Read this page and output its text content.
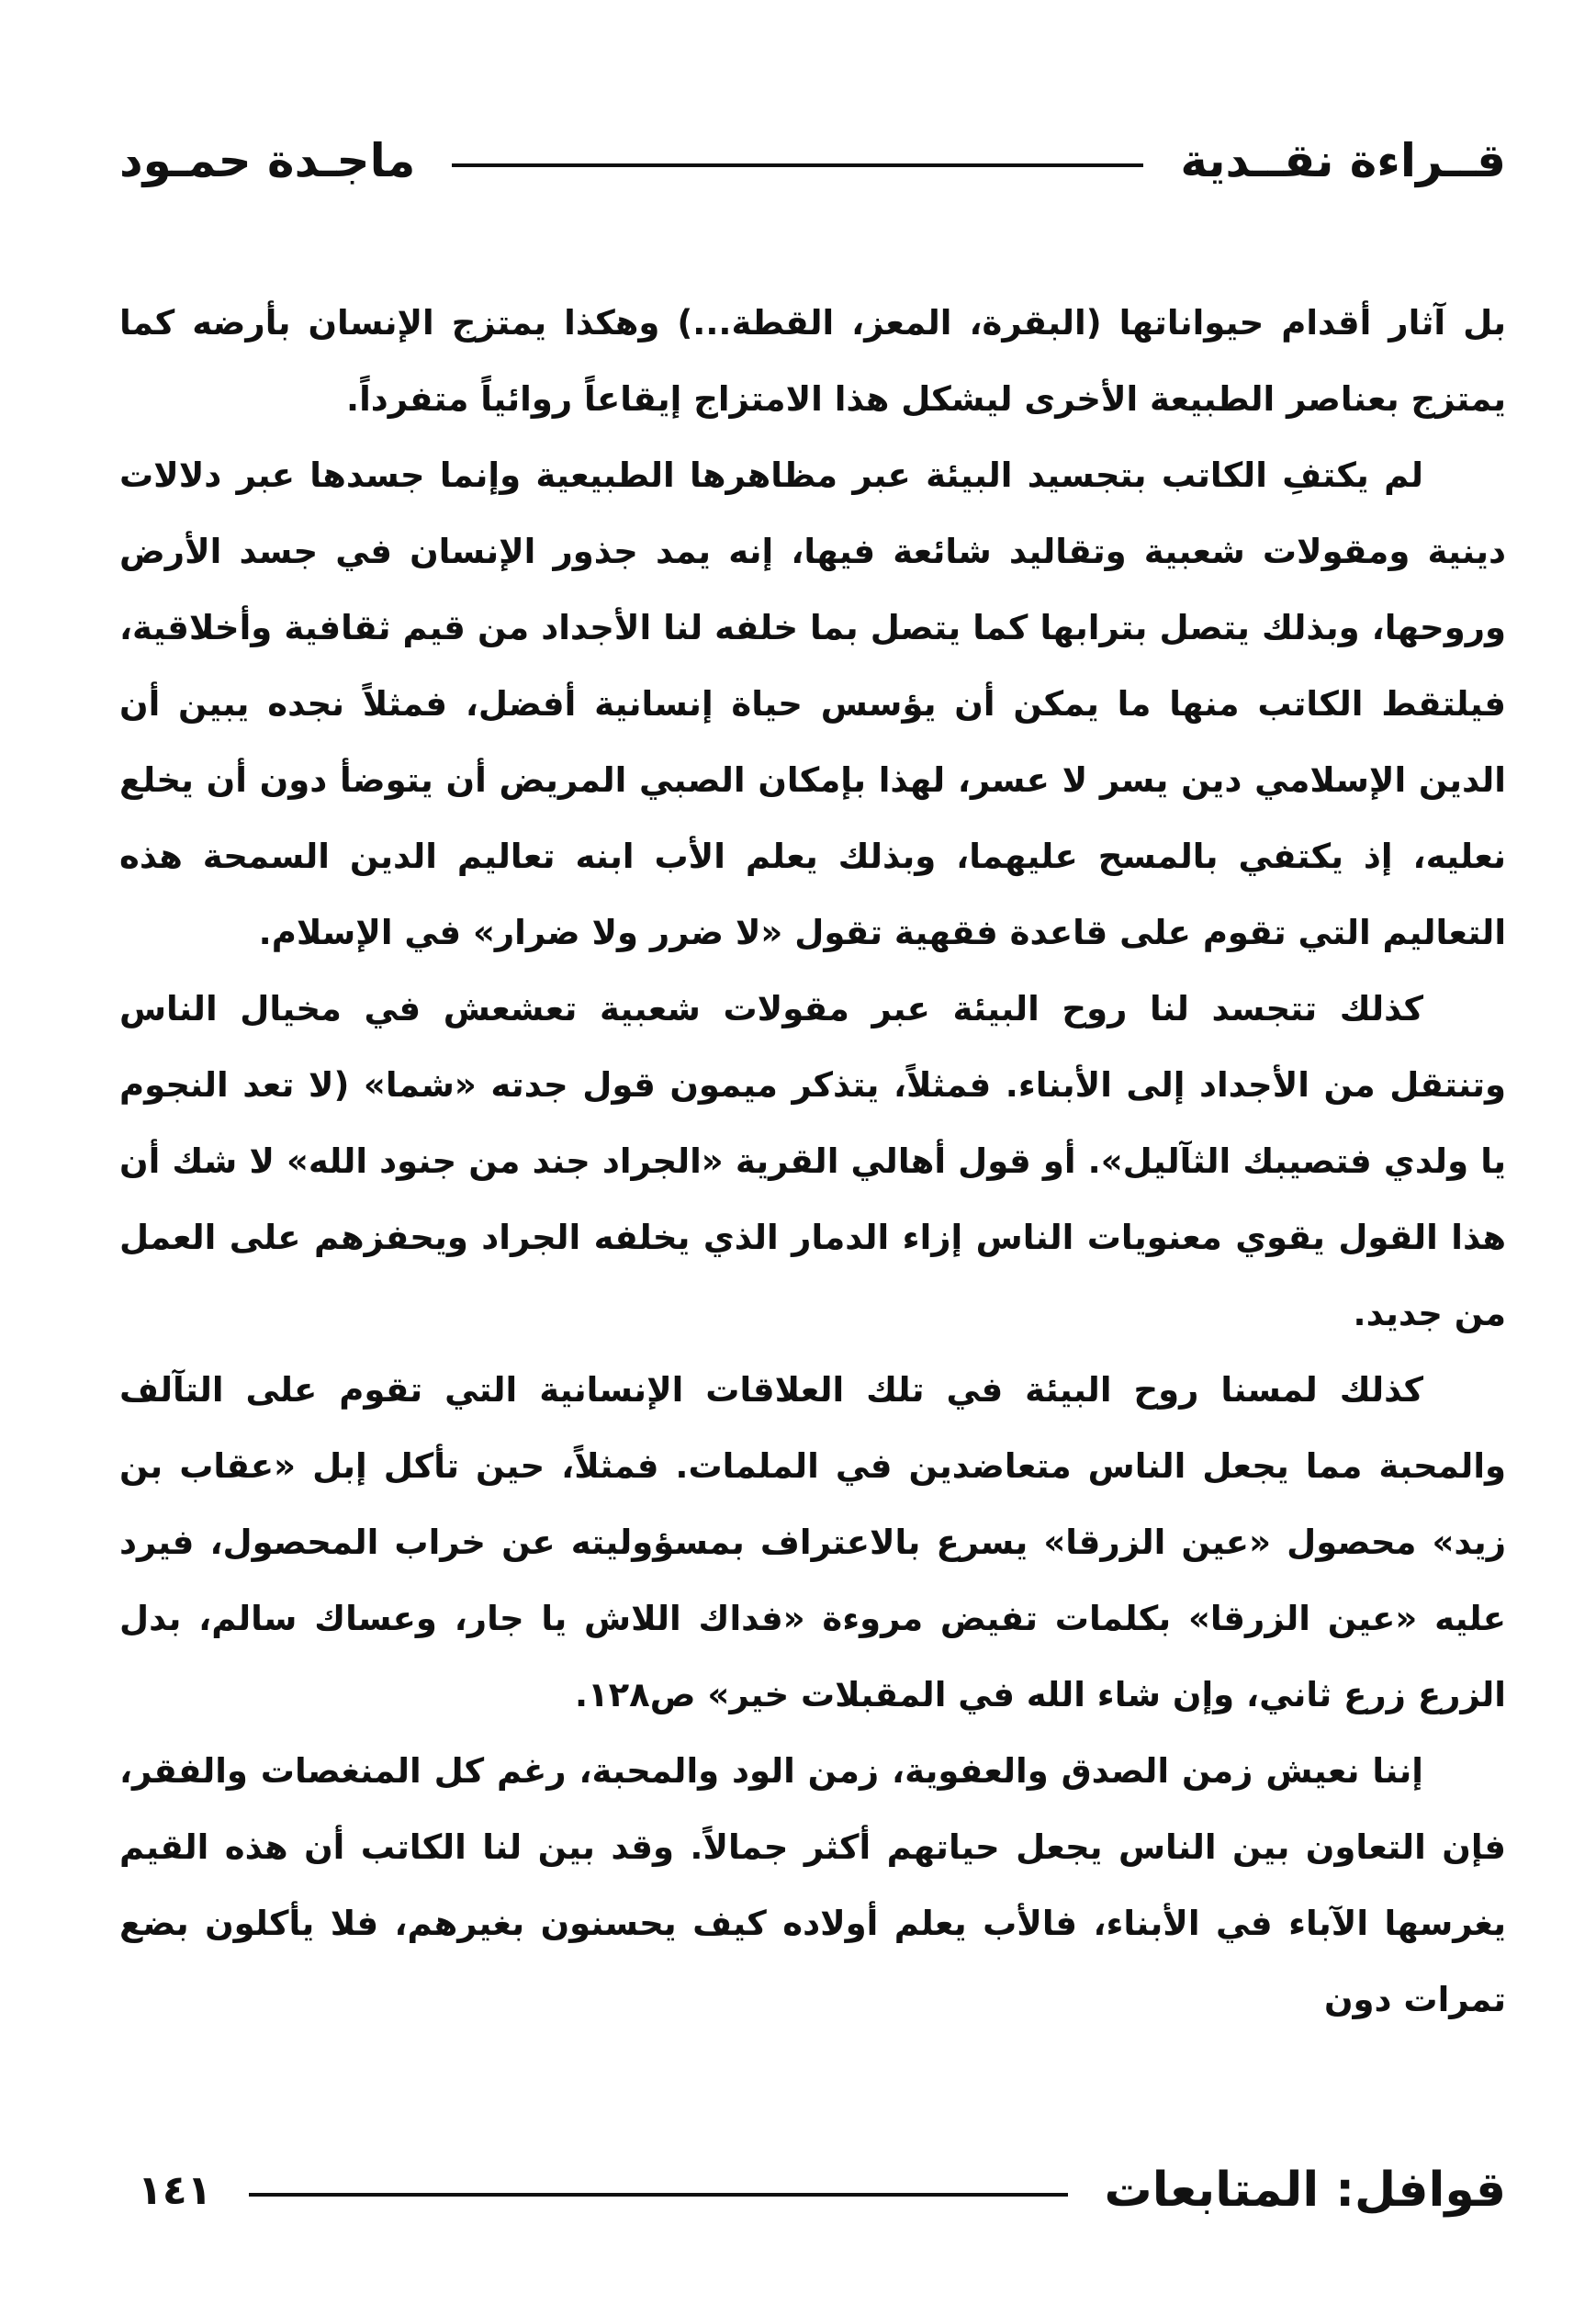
قــراءة نقــدية
ماجـدة حمـود

بل آثار أقدام حيواناتها (البقرة، المعز، القطة...) وهكذا يمتزج الإنسان بأرضه كما يمتزج بعناصر الطبيعة الأخرى ليشكل هذا الامتزاج إيقاعاً روائياً متفرداً.

لم يكتفِ الكاتب بتجسيد البيئة عبر مظاهرها الطبيعية وإنما جسدها عبر دلالات دينية ومقولات شعبية وتقاليد شائعة فيها، إنه يمد جذور الإنسان في جسد الأرض وروحها، وبذلك يتصل بترابها كما يتصل بما خلفه لنا الأجداد من قيم ثقافية وأخلاقية، فيلتقط الكاتب منها ما يمكن أن يؤسس حياة إنسانية أفضل، فمثلاً نجده يبين أن الدين الإسلامي دين يسر لا عسر، لهذا بإمكان الصبي المريض أن يتوضأ دون أن يخلع نعليه، إذ يكتفي بالمسح عليهما، وبذلك يعلم الأب ابنه تعاليم الدين السمحة هذه التعاليم التي تقوم على قاعدة فقهية تقول «لا ضرر ولا ضرار» في الإسلام.

كذلك تتجسد لنا روح البيئة عبر مقولات شعبية تعشعش في مخيال الناس وتنتقل من الأجداد إلى الأبناء. فمثلاً، يتذكر ميمون قول جدته «شما» (لا تعد النجوم يا ولدي فتصيبك الثآليل». أو قول أهالي القرية «الجراد جند من جنود الله» لا شك أن هذا القول يقوي معنويات الناس إزاء الدمار الذي يخلفه الجراد ويحفزهم على العمل من جديد.

كذلك لمسنا روح البيئة في تلك العلاقات الإنسانية التي تقوم على التآلف والمحبة مما يجعل الناس متعاضدين في الملمات. فمثلاً، حين تأكل إبل «عقاب بن زيد» محصول «عين الزرقا» يسرع بالاعتراف بمسؤوليته عن خراب المحصول، فيرد عليه «عين الزرقا» بكلمات تفيض مروءة «فداك اللاش يا جار، وعساك سالم، بدل الزرع زرع ثاني، وإن شاء الله في المقبلات خير» ص١٢٨.

إننا نعيش زمن الصدق والعفوية، زمن الود والمحبة، رغم كل المنغصات والفقر، فإن التعاون بين الناس يجعل حياتهم أكثر جمالاً. وقد بين لنا الكاتب أن هذه القيم يغرسها الآباء في الأبناء، فالأب يعلم أولاده كيف يحسنون بغيرهم، فلا يأكلون بضع تمرات دون

قوافل: المتابعات
١٤١
